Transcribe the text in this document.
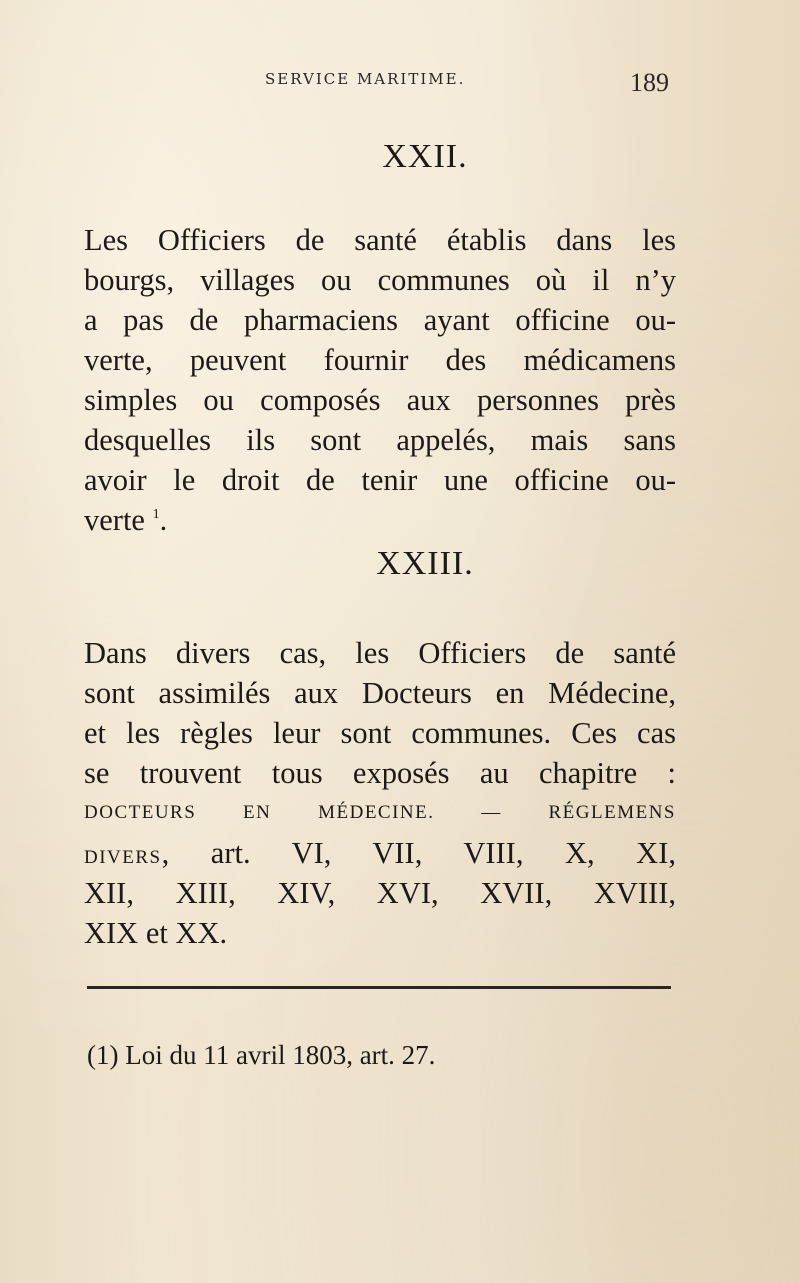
SERVICE MARITIME.	189
XXII.
Les Officiers de santé établis dans les
bourgs, villages ou communes où il n’y
a pas de pharmaciens ayant officine ou-
verte, peuvent fournir des médicamens
simples ou composés aux personnes près
desquelles ils sont appelés, mais sans
avoir le droit de tenir une officine ou-
verte $^1$.
XXIII.
Dans divers cas, les Officiers de santé
sont assimilés aux Docteurs en Médecine,
et les règles leur sont communes. Ces cas
se trouvent tous exposés au chapitre :
DOCTEURS EN MÉDECINE. — RÉGLEMENS
DIVERS, art. VI, VII, VIII, X, XI,
XII, XIII, XIV, XVI, XVII, XVIII,
XIX et XX.
(1) Loi du 11 avril 1803, art. 27.
